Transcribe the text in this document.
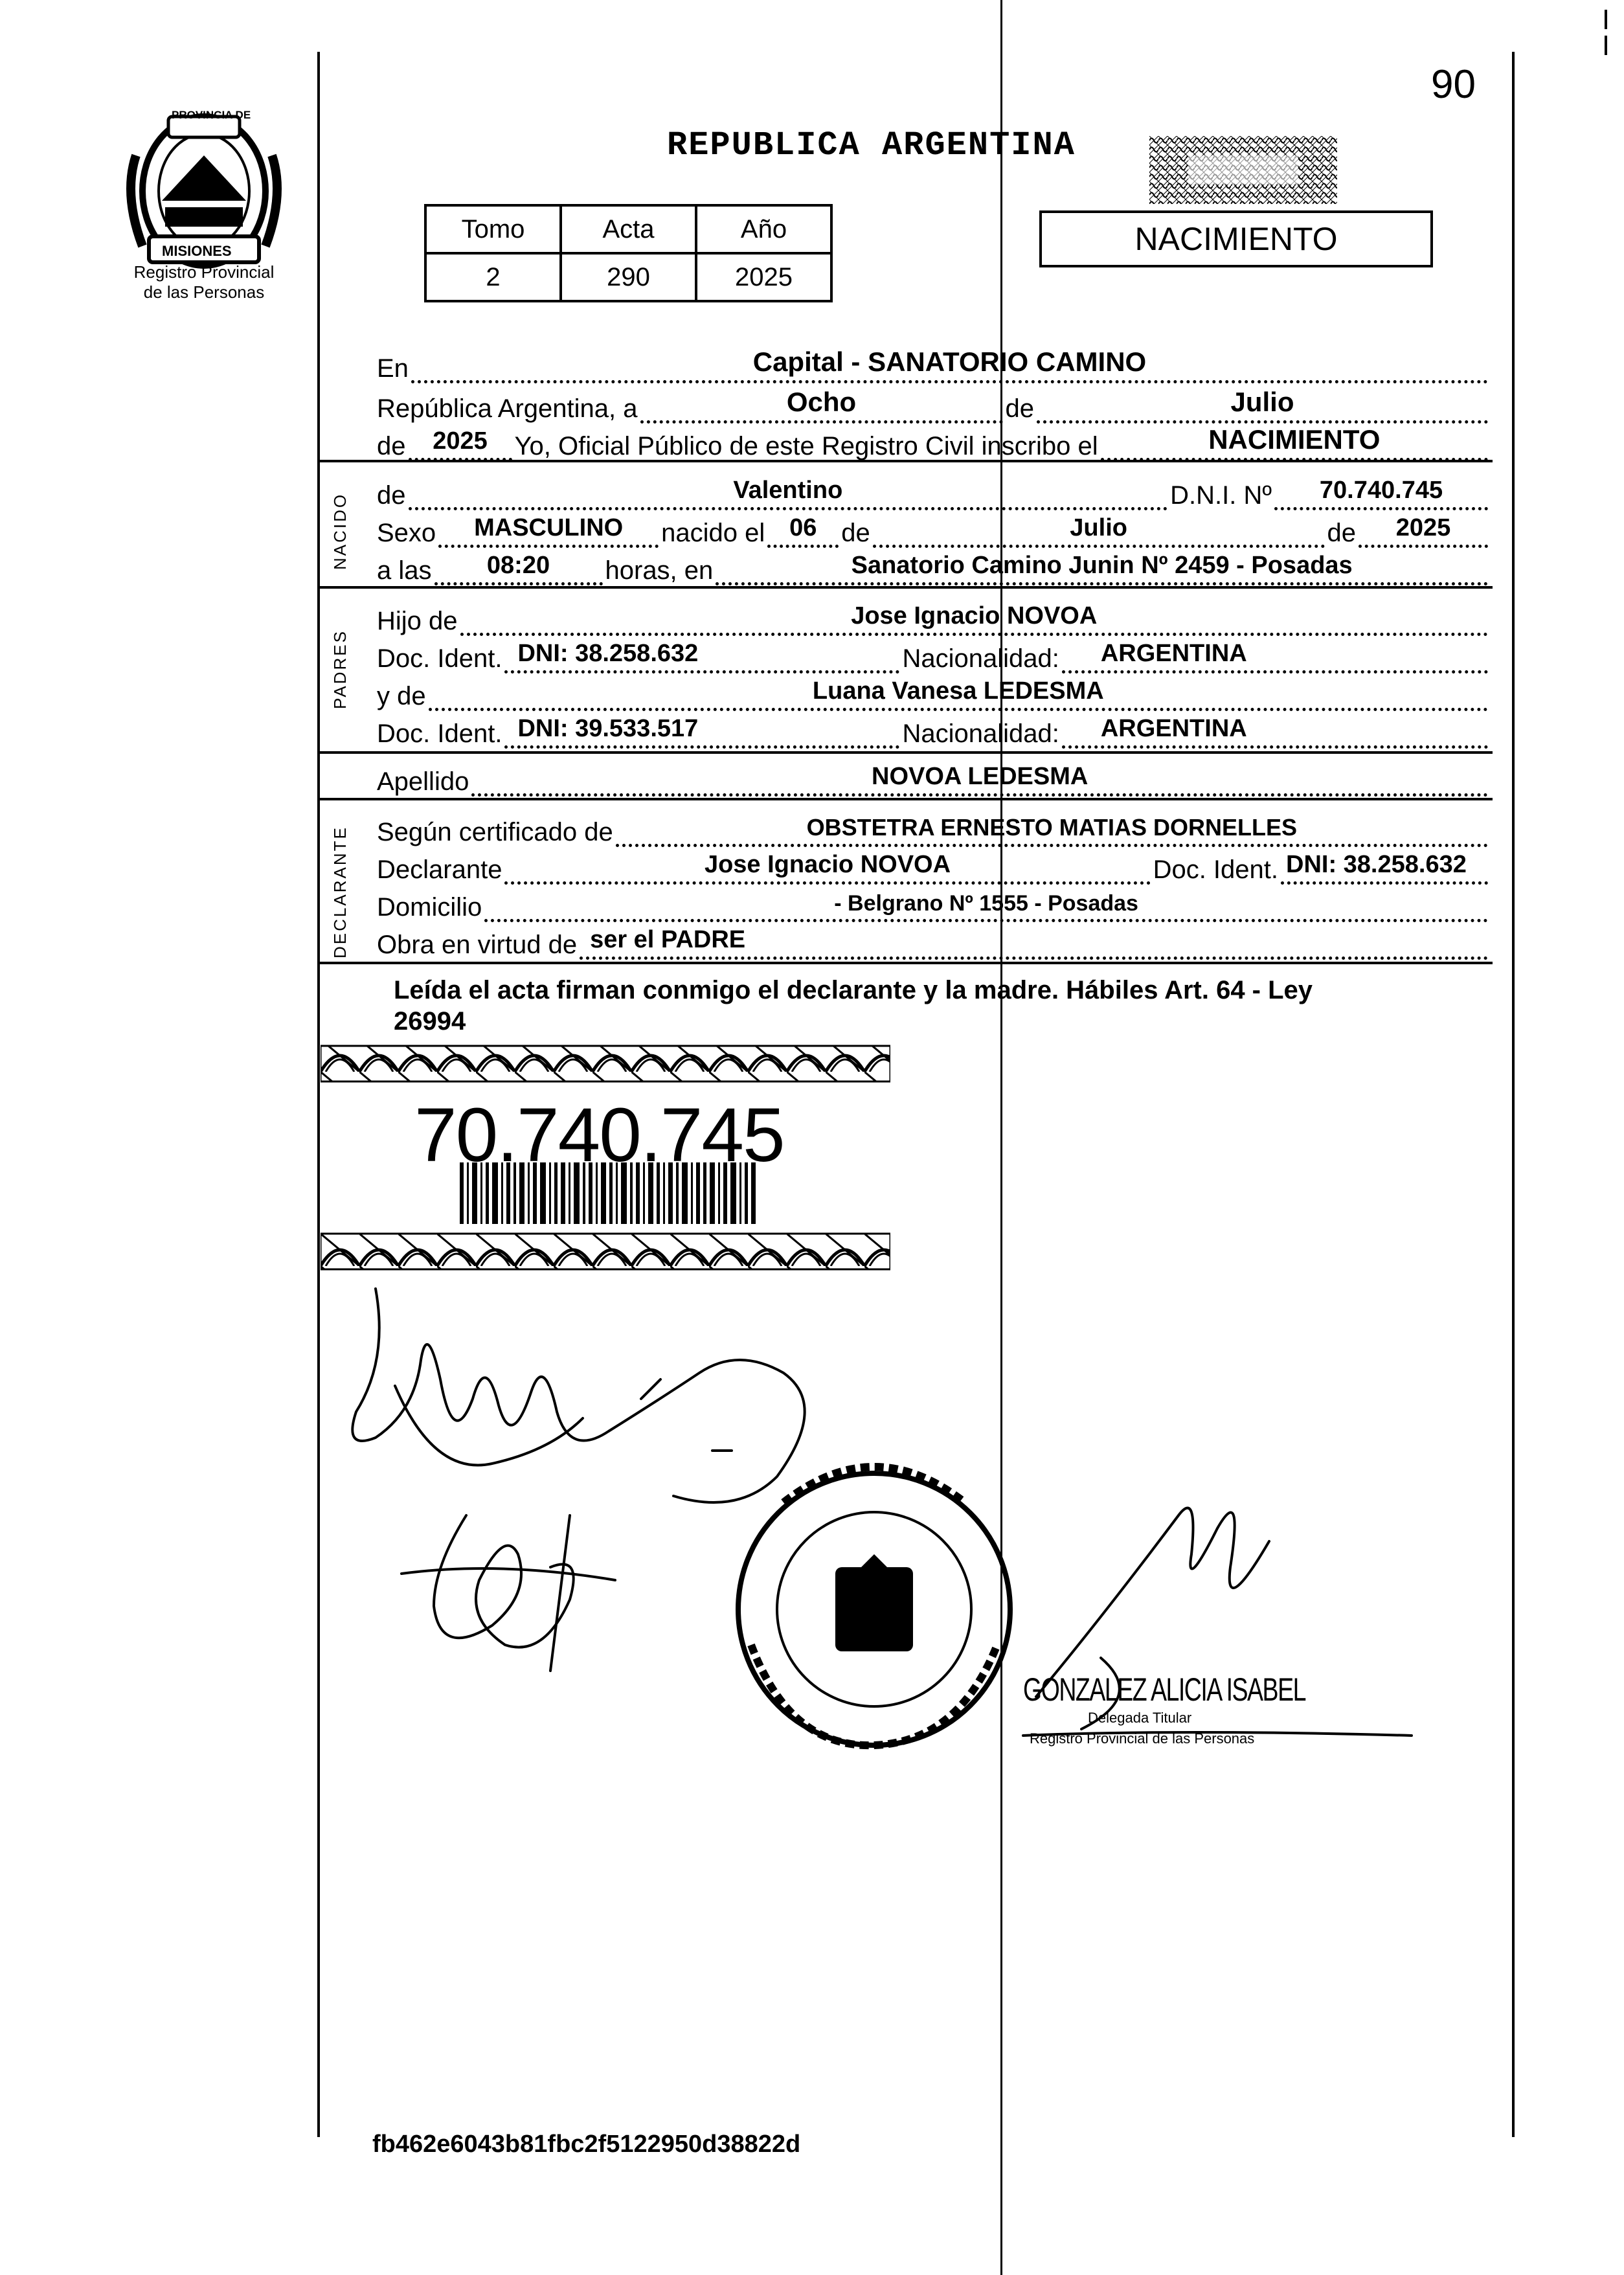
PROVINCIA DE
MISIONES
Registro Provincial
de las Personas
90
REPUBLICA ARGENTINA
NACIMIENTO
Tomo	Acta	Año
2	290	2025
NACIDO
PADRES
DECLARANTE
En	Capital - SANATORIO CAMINO
República Argentina, a	Ocho	de	Julio
de	2025	Yo, Oficial Público de este Registro Civil inscribo el	NACIMIENTO
de	Valentino	D.N.I. Nº	70.740.745
Sexo	MASCULINO	nacido el 06 de	Julio	de	2025
a las	08:20	horas, en	Sanatorio Camino Junin Nº 2459 - Posadas
Hijo de	Jose Ignacio NOVOA
Doc. Ident. DNI: 38.258.632	Nacionalidad: ARGENTINA
y de	Luana Vanesa LEDESMA
Doc. Ident. DNI: 39.533.517	Nacionalidad: ARGENTINA
Apellido	NOVOA LEDESMA
Según certificado de	OBSTETRA ERNESTO MATIAS DORNELLES
Declarante	Jose Ignacio NOVOA	Doc. Ident. DNI: 38.258.632
Domicilio	- Belgrano Nº 1555 - Posadas
Obra en virtud de ser el PADRE
Leída el acta firman conmigo el declarante y la madre. Hábiles Art. 64 - Ley
26994
70.740.745
GONZALEZ ALICIA ISABEL
Delegada Titular
Registro Provincial de las Personas
fb462e6043b81fbc2f5122950d38822d
